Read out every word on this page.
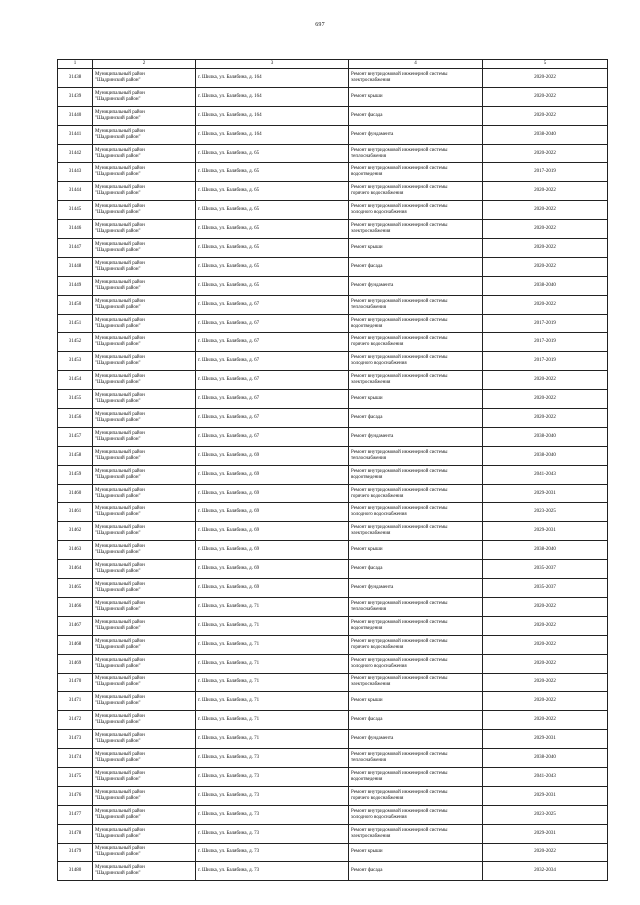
697
1	2	3	4	5
31438	Муниципальный район
"Шадринский район"	г. Шилка, ул. Балябина, д. 164	Ремонт внутридомовой инженерной системы
электроснабжения	2020-2022
31439	Муниципальный район
"Шадринский район"	г. Шилка, ул. Балябина, д. 164	Ремонт крыши	2020-2022
31440	Муниципальный район
"Шадринский район"	г. Шилка, ул. Балябина, д. 164	Ремонт фасада	2020-2022
31441	Муниципальный район
"Шадринский район"	г. Шилка, ул. Балябина, д. 164	Ремонт фундамента	2038-2040
31442	Муниципальный район
"Шадринский район"	г. Шилка, ул. Балябина, д. 65	Ремонт внутридомовой инженерной системы
теплоснабжения	2020-2022
31443	Муниципальный район
"Шадринский район"	г. Шилка, ул. Балябина, д. 65	Ремонт внутридомовой инженерной системы
водоотведения	2017-2019
31444	Муниципальный район
"Шадринский район"	г. Шилка, ул. Балябина, д. 65	Ремонт внутридомовой инженерной системы
горячего водоснабжения	2020-2022
31445	Муниципальный район
"Шадринский район"	г. Шилка, ул. Балябина, д. 65	Ремонт внутридомовой инженерной системы
холодного водоснабжения	2020-2022
31446	Муниципальный район
"Шадринский район"	г. Шилка, ул. Балябина, д. 65	Ремонт внутридомовой инженерной системы
электроснабжения	2020-2022
31447	Муниципальный район
"Шадринский район"	г. Шилка, ул. Балябина, д. 65	Ремонт крыши	2020-2022
31448	Муниципальный район
"Шадринский район"	г. Шилка, ул. Балябина, д. 65	Ремонт фасада	2020-2022
31449	Муниципальный район
"Шадринский район"	г. Шилка, ул. Балябина, д. 65	Ремонт фундамента	2038-2040
31450	Муниципальный район
"Шадринский район"	г. Шилка, ул. Балябина, д. 67	Ремонт внутридомовой инженерной системы
теплоснабжения	2020-2022
31451	Муниципальный район
"Шадринский район"	г. Шилка, ул. Балябина, д. 67	Ремонт внутридомовой инженерной системы
водоотведения	2017-2019
31452	Муниципальный район
"Шадринский район"	г. Шилка, ул. Балябина, д. 67	Ремонт внутридомовой инженерной системы
горячего водоснабжения	2017-2019
31453	Муниципальный район
"Шадринский район"	г. Шилка, ул. Балябина, д. 67	Ремонт внутридомовой инженерной системы
холодного водоснабжения	2017-2019
31454	Муниципальный район
"Шадринский район"	г. Шилка, ул. Балябина, д. 67	Ремонт внутридомовой инженерной системы
электроснабжения	2020-2022
31455	Муниципальный район
"Шадринский район"	г. Шилка, ул. Балябина, д. 67	Ремонт крыши	2020-2022
31456	Муниципальный район
"Шадринский район"	г. Шилка, ул. Балябина, д. 67	Ремонт фасада	2020-2022
31457	Муниципальный район
"Шадринский район"	г. Шилка, ул. Балябина, д. 67	Ремонт фундамента	2038-2040
31458	Муниципальный район
"Шадринский район"	г. Шилка, ул. Балябина, д. 69	Ремонт внутридомовой инженерной системы
теплоснабжения	2038-2040
31459	Муниципальный район
"Шадринский район"	г. Шилка, ул. Балябина, д. 69	Ремонт внутридомовой инженерной системы
водоотведения	2041-2043
31460	Муниципальный район
"Шадринский район"	г. Шилка, ул. Балябина, д. 69	Ремонт внутридомовой инженерной системы
горячего водоснабжения	2029-2031
31461	Муниципальный район
"Шадринский район"	г. Шилка, ул. Балябина, д. 69	Ремонт внутридомовой инженерной системы
холодного водоснабжения	2023-2025
31462	Муниципальный район
"Шадринский район"	г. Шилка, ул. Балябина, д. 69	Ремонт внутридомовой инженерной системы
электроснабжения	2029-2031
31463	Муниципальный район
"Шадринский район"	г. Шилка, ул. Балябина, д. 69	Ремонт крыши	2038-2040
31464	Муниципальный район
"Шадринский район"	г. Шилка, ул. Балябина, д. 69	Ремонт фасада	2035-2037
31465	Муниципальный район
"Шадринский район"	г. Шилка, ул. Балябина, д. 69	Ремонт фундамента	2035-2037
31466	Муниципальный район
"Шадринский район"	г. Шилка, ул. Балябина, д. 71	Ремонт внутридомовой инженерной системы
теплоснабжения	2020-2022
31467	Муниципальный район
"Шадринский район"	г. Шилка, ул. Балябина, д. 71	Ремонт внутридомовой инженерной системы
водоотведения	2020-2022
31468	Муниципальный район
"Шадринский район"	г. Шилка, ул. Балябина, д. 71	Ремонт внутридомовой инженерной системы
горячего водоснабжения	2020-2022
31469	Муниципальный район
"Шадринский район"	г. Шилка, ул. Балябина, д. 71	Ремонт внутридомовой инженерной системы
холодного водоснабжения	2020-2022
31470	Муниципальный район
"Шадринский район"	г. Шилка, ул. Балябина, д. 71	Ремонт внутридомовой инженерной системы
электроснабжения	2020-2022
31471	Муниципальный район
"Шадринский район"	г. Шилка, ул. Балябина, д. 71	Ремонт крыши	2020-2022
31472	Муниципальный район
"Шадринский район"	г. Шилка, ул. Балябина, д. 71	Ремонт фасада	2020-2022
31473	Муниципальный район
"Шадринский район"	г. Шилка, ул. Балябина, д. 71	Ремонт фундамента	2029-2031
31474	Муниципальный район
"Шадринский район"	г. Шилка, ул. Балябина, д. 73	Ремонт внутридомовой инженерной системы
теплоснабжения	2038-2040
31475	Муниципальный район
"Шадринский район"	г. Шилка, ул. Балябина, д. 73	Ремонт внутридомовой инженерной системы
водоотведения	2041-2043
31476	Муниципальный район
"Шадринский район"	г. Шилка, ул. Балябина, д. 73	Ремонт внутридомовой инженерной системы
горячего водоснабжения	2029-2031
31477	Муниципальный район
"Шадринский район"	г. Шилка, ул. Балябина, д. 73	Ремонт внутридомовой инженерной системы
холодного водоснабжения	2023-2025
31478	Муниципальный район
"Шадринский район"	г. Шилка, ул. Балябина, д. 73	Ремонт внутридомовой инженерной системы
электроснабжения	2029-2031
31479	Муниципальный район
"Шадринский район"	г. Шилка, ул. Балябина, д. 73	Ремонт крыши	2020-2022
31480	Муниципальный район
"Шадринский район"	г. Шилка, ул. Балябина, д. 73	Ремонт фасада	2032-2034
